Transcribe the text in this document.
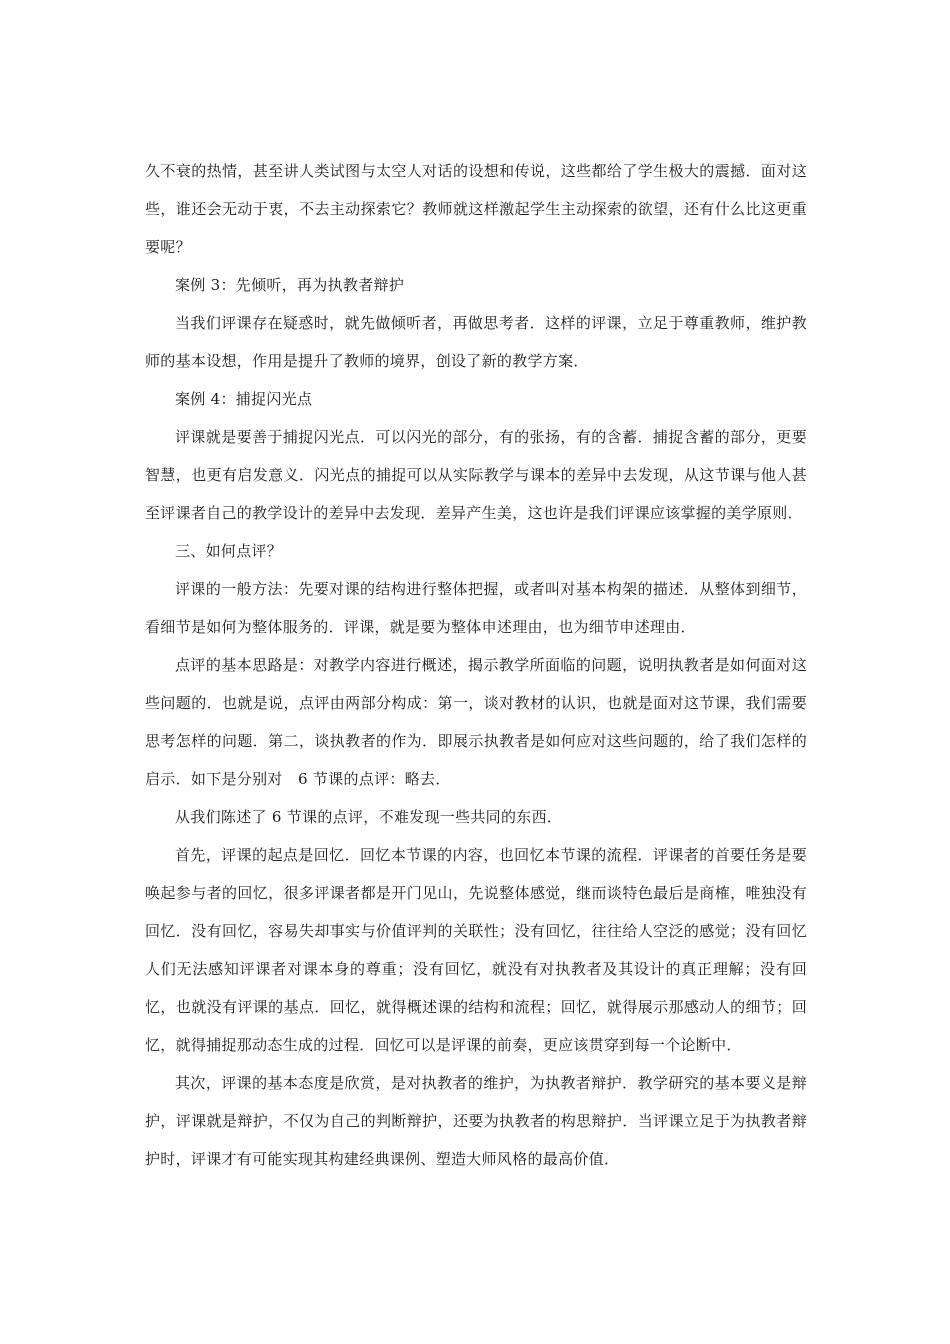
久不衰的热情，甚至讲人类试图与太空人对话的设想和传说，这些都给了学生极大的震撼．面对这些，谁还会无动于衷，不去主动探索它？教师就这样激起学生主动探索的欲望，还有什么比这更重要呢？

案例 3：先倾听，再为执教者辩护

当我们评课存在疑惑时，就先做倾听者，再做思考者．这样的评课，立足于尊重教师，维护教师的基本设想，作用是提升了教师的境界，创设了新的教学方案．

案例 4：捕捉闪光点

评课就是要善于捕捉闪光点．可以闪光的部分，有的张扬，有的含蓄．捕捉含蓄的部分，更要智慧，也更有启发意义．闪光点的捕捉可以从实际教学与课本的差异中去发现，从这节课与他人甚至评课者自己的教学设计的差异中去发现．差异产生美，这也许是我们评课应该掌握的美学原则．

三、如何点评？

评课的一般方法：先要对课的结构进行整体把握，或者叫对基本构架的描述．从整体到细节，看细节是如何为整体服务的．评课，就是要为整体申述理由，也为细节申述理由．

点评的基本思路是：对教学内容进行概述，揭示教学所面临的问题，说明执教者是如何面对这些问题的．也就是说，点评由两部分构成：第一，谈对教材的认识，也就是面对这节课，我们需要思考怎样的问题．第二，谈执教者的作为．即展示执教者是如何应对这些问题的，给了我们怎样的启示．如下是分别对　6 节课的点评：略去．

从我们陈述了 6 节课的点评，不难发现一些共同的东西．

首先，评课的起点是回忆．回忆本节课的内容，也回忆本节课的流程．评课者的首要任务是要唤起参与者的回忆，很多评课者都是开门见山，先说整体感觉，继而谈特色最后是商榷，唯独没有回忆．没有回忆，容易失却事实与价值评判的关联性；没有回忆，往往给人空泛的感觉；没有回忆人们无法感知评课者对课本身的尊重；没有回忆，就没有对执教者及其设计的真正理解；没有回忆，也就没有评课的基点．回忆，就得概述课的结构和流程；回忆，就得展示那感动人的细节；回忆，就得捕捉那动态生成的过程．回忆可以是评课的前奏，更应该贯穿到每一个论断中．

其次，评课的基本态度是欣赏，是对执教者的维护，为执教者辩护．教学研究的基本要义是辩护，评课就是辩护，不仅为自己的判断辩护，还要为执教者的构思辩护．当评课立足于为执教者辩护时，评课才有可能实现其构建经典课例、塑造大师风格的最高价值．
